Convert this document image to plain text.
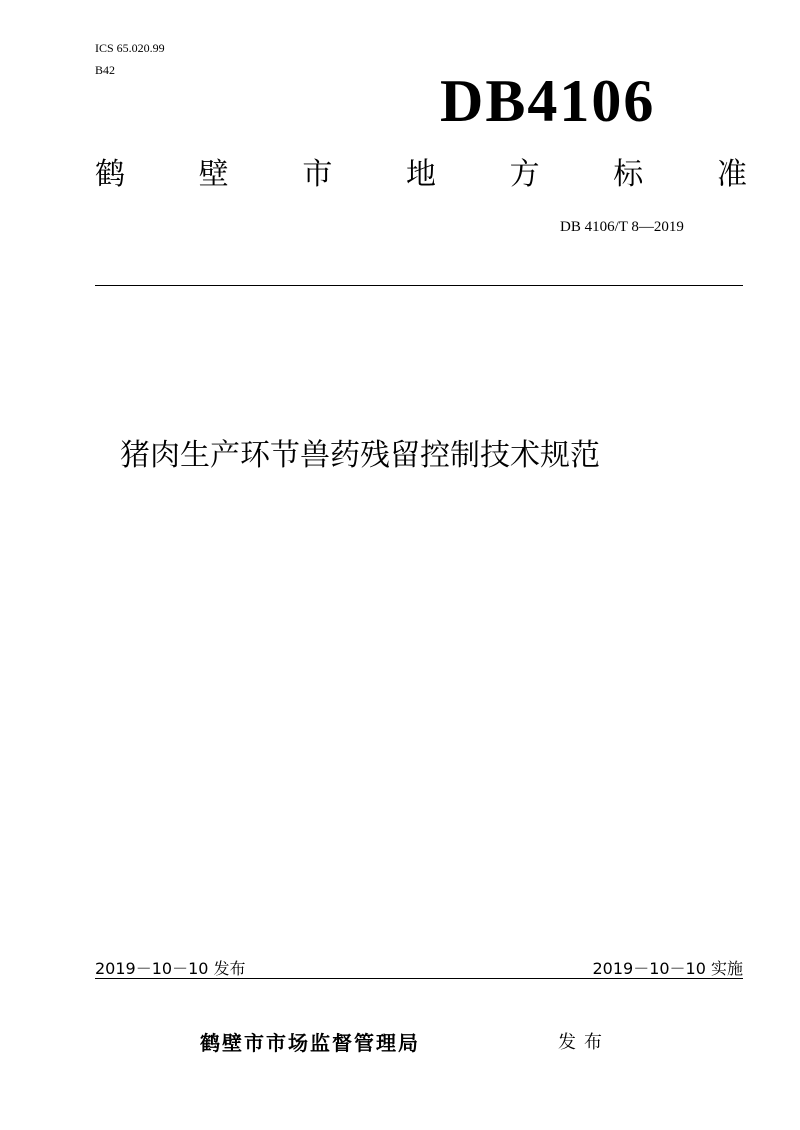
ICS 65.020.99
B42	DB4106
鹤 壁 市 地 方 标 准
DB 4106/T 8—2019
猪肉生产环节兽药残留控制技术规范
2019－10－10 发布	2019－10－10 实施
鹤壁市市场监督管理局	发布
